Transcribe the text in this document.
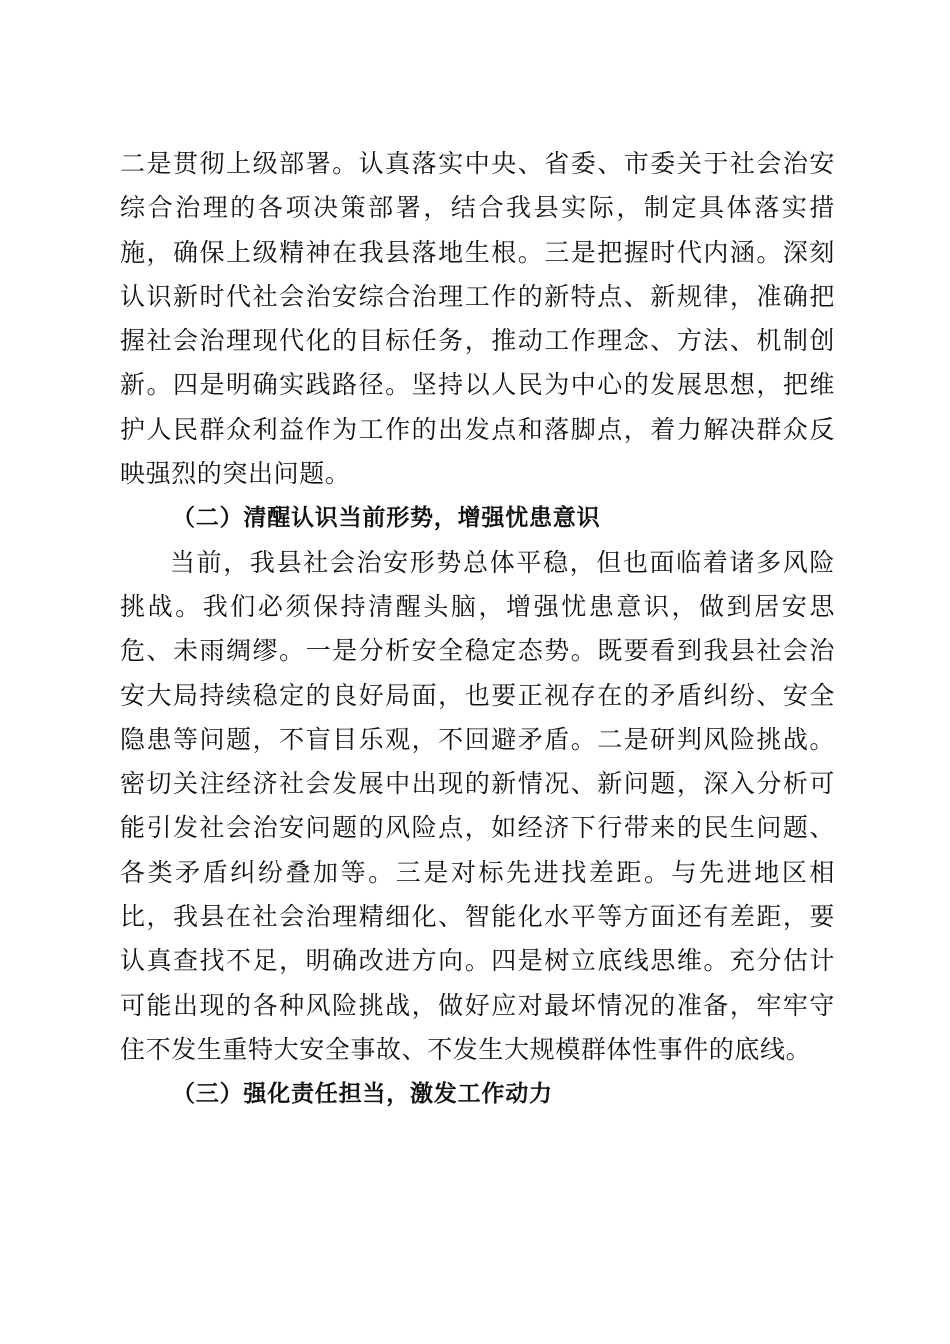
二是贯彻上级部署。认真落实中央、省委、市委关于社会治安综合治理的各项决策部署，结合我县实际，制定具体落实措施，确保上级精神在我县落地生根。三是把握时代内涵。深刻认识新时代社会治安综合治理工作的新特点、新规律，准确把握社会治理现代化的目标任务，推动工作理念、方法、机制创新。四是明确实践路径。坚持以人民为中心的发展思想，把维护人民群众利益作为工作的出发点和落脚点，着力解决群众反映强烈的突出问题。

（二）清醒认识当前形势，增强忧患意识

当前，我县社会治安形势总体平稳，但也面临着诸多风险挑战。我们必须保持清醒头脑，增强忧患意识，做到居安思危、未雨绸缪。一是分析安全稳定态势。既要看到我县社会治安大局持续稳定的良好局面，也要正视存在的矛盾纠纷、安全隐患等问题，不盲目乐观，不回避矛盾。二是研判风险挑战。密切关注经济社会发展中出现的新情况、新问题，深入分析可能引发社会治安问题的风险点，如经济下行带来的民生问题、各类矛盾纠纷叠加等。三是对标先进找差距。与先进地区相比，我县在社会治理精细化、智能化水平等方面还有差距，要认真查找不足，明确改进方向。四是树立底线思维。充分估计可能出现的各种风险挑战，做好应对最坏情况的准备，牢牢守住不发生重特大安全事故、不发生大规模群体性事件的底线。

（三）强化责任担当，激发工作动力
